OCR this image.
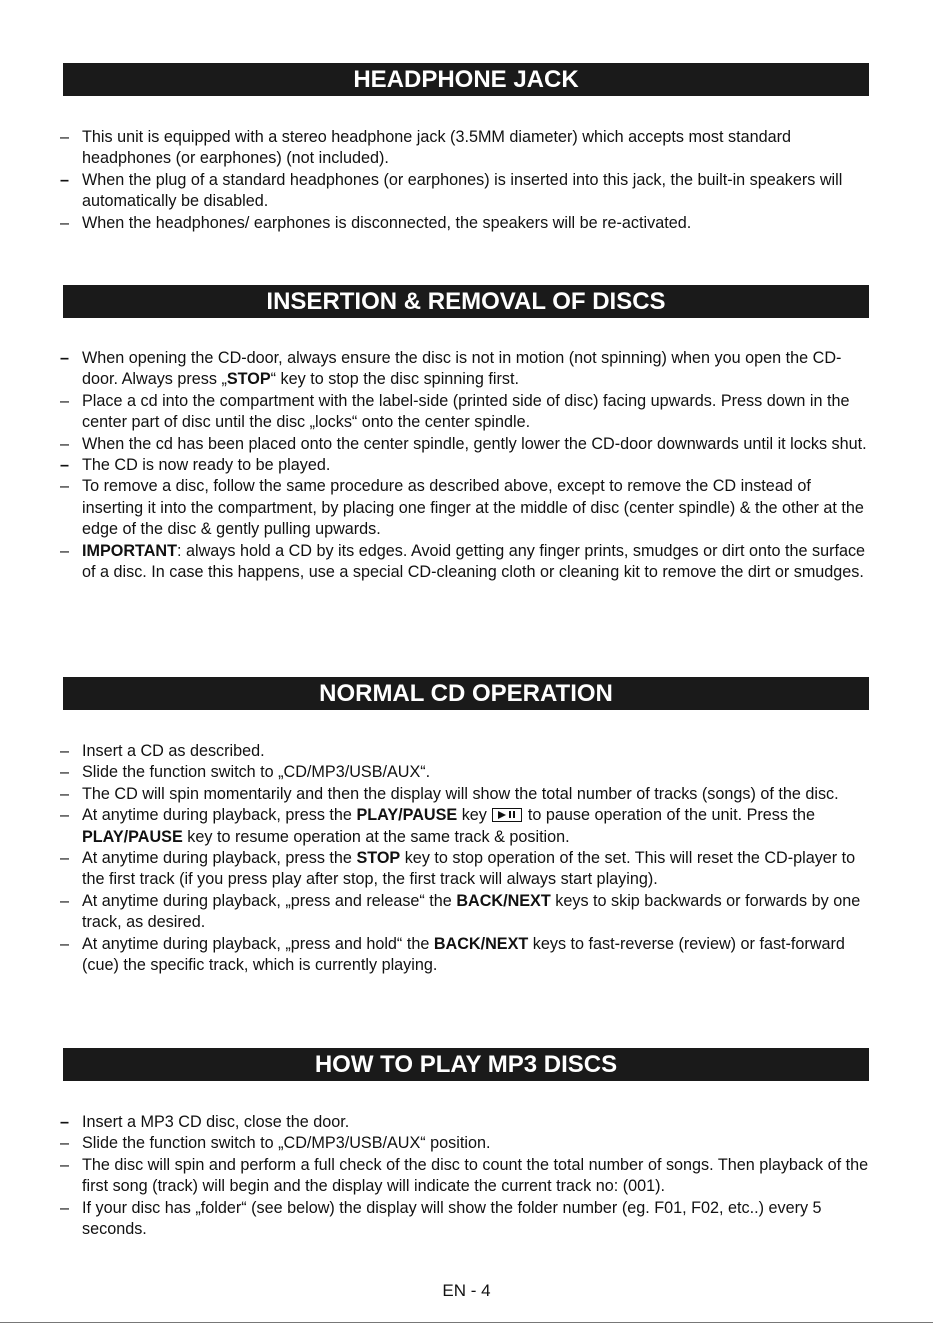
HEADPHONE JACK
– This unit is equipped with a stereo headphone jack (3.5MM diameter) which accepts most standard headphones (or earphones) (not included).
– When the plug of a standard headphones (or earphones) is inserted into this jack, the built-in speakers will automatically be disabled.
– When the headphones/ earphones is disconnected, the speakers will be re-activated.
INSERTION & REMOVAL OF DISCS
– When opening the CD-door, always ensure the disc is not in motion (not spinning) when you open the CD-door. Always press „STOP“ key to stop the disc spinning first.
– Place a cd into the compartment with the label-side (printed side of disc) facing upwards. Press down in the center part of disc until the disc „locks“ onto the center spindle.
– When the cd has been placed onto the center spindle, gently lower the CD-door downwards until it locks shut.
– The CD is now ready to be played.
– To remove a disc, follow the same procedure as described above, except to remove the CD instead of inserting it into the compartment, by placing one finger at the middle of disc (center spindle) & the other at the edge of the disc & gently pulling upwards.
– IMPORTANT: always hold a CD by its edges. Avoid getting any finger prints, smudges or dirt onto the surface of a disc. In case this happens, use a special CD-cleaning cloth or cleaning kit to remove the dirt or smudges.
NORMAL CD OPERATION
– Insert a CD as described.
– Slide the function switch to „CD/MP3/USB/AUX“.
– The CD will spin momentarily and then the display will show the total number of tracks (songs) of the disc.
– At anytime during playback, press the PLAY/PAUSE key
to pause operation of the unit. Press the PLAY/PAUSE key to resume operation at the same track & position.
– At anytime during playback, press the STOP key to stop operation of the set. This will reset the CD-player to the first track (if you press play after stop, the first track will always start playing).
– At anytime during playback, „press and release“ the BACK/NEXT keys to skip backwards or forwards by one track, as desired.
– At anytime during playback, „press and hold“ the BACK/NEXT keys to fast-reverse (review) or fast-forward (cue) the specific track, which is currently playing.
HOW TO PLAY MP3 DISCS
– Insert a MP3 CD disc, close the door.
– Slide the function switch to „CD/MP3/USB/AUX“ position.
– The disc will spin and perform a full check of the disc to count the total number of songs. Then playback of the first song (track) will begin and the display will indicate the current track no: (001).
– If your disc has „folder“ (see below) the display will show the folder number (eg. F01, F02, etc..) every 5 seconds.
EN - 4
